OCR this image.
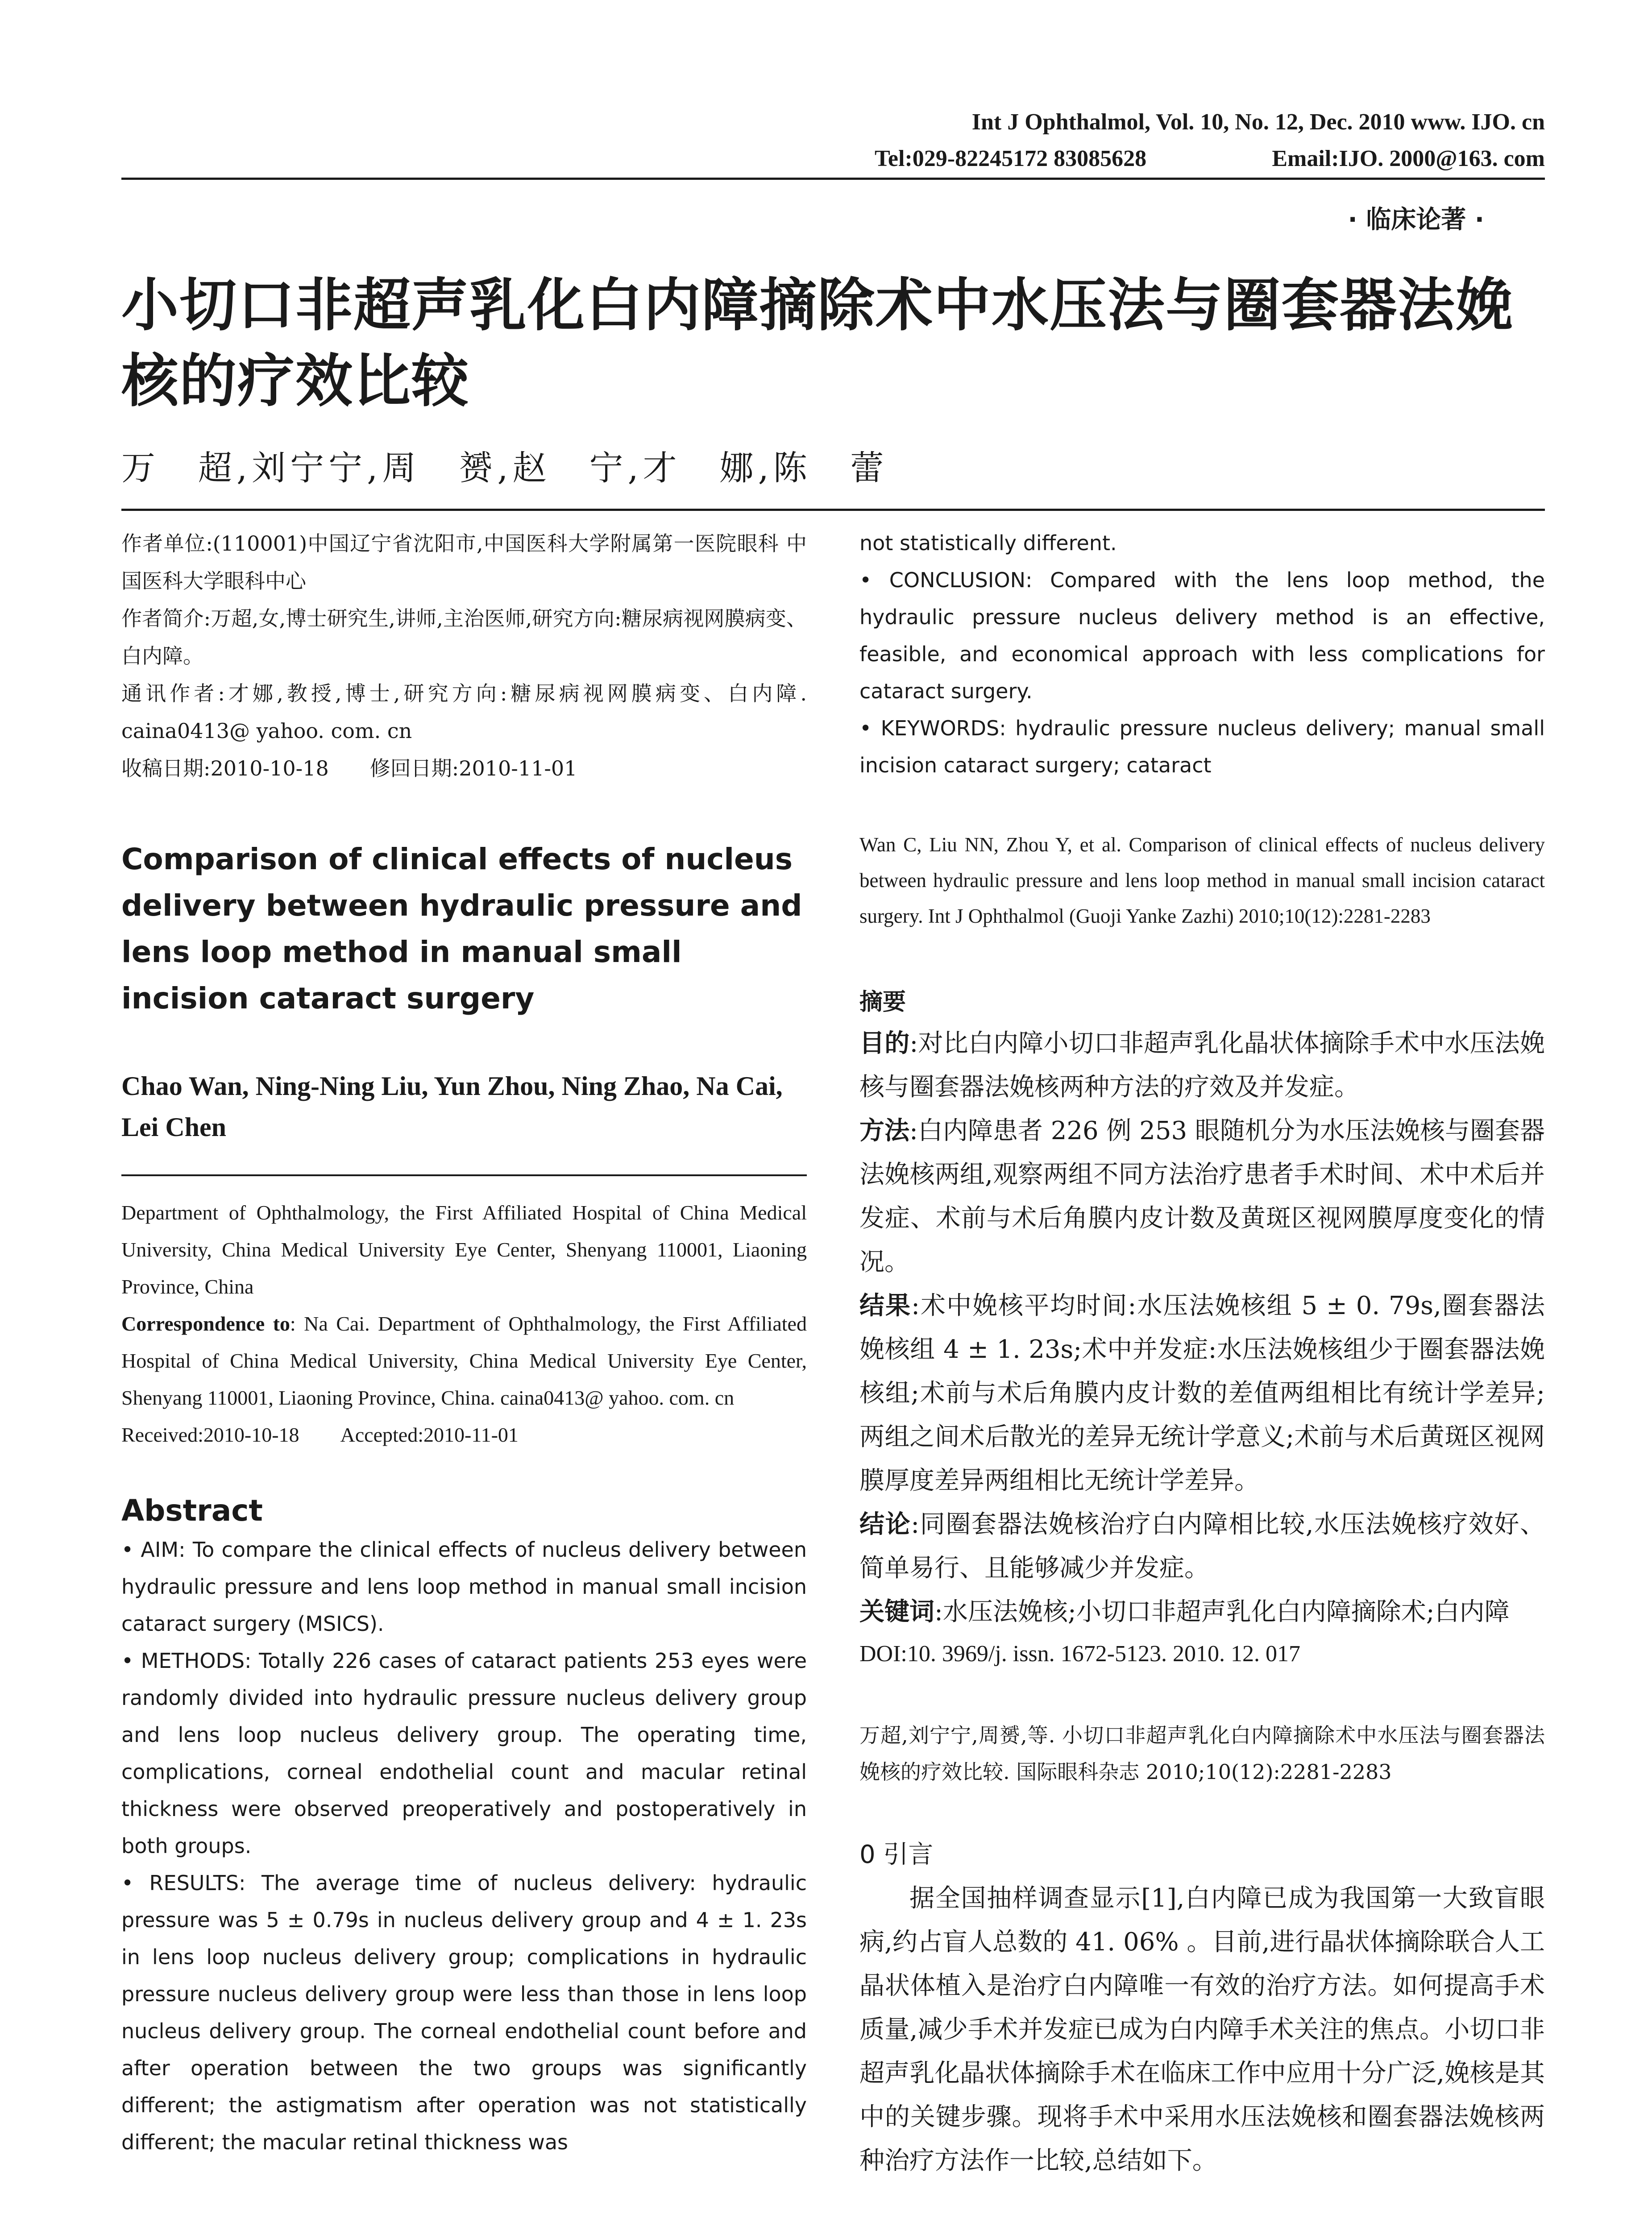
Int J Ophthalmol, Vol. 10, No. 12, Dec. 2010 www. IJO. cn
Tel:029-82245172 83085628	Email:IJO. 2000@163. com
· 临床论著 ·
小切口非超声乳化白内障摘除术中水压法与圈套器法娩核的疗效比较
万　超,刘宁宁,周　赟,赵　宁,才　娜,陈　蕾

作者单位:(110001)中国辽宁省沈阳市,中国医科大学附属第一医院眼科 中国医科大学眼科中心

作者简介:万超,女,博士研究生,讲师,主治医师,研究方向:糖尿病视网膜病变、白内障。

通讯作者:才娜,教授,博士,研究方向:糖尿病视网膜病变、白内障. caina0413@ yahoo. com. cn

收稿日期:2010-10-18　　修回日期:2010-11-01

Comparison of clinical effects of nucleus delivery between hydraulic pressure and lens loop method in manual small incision cataract surgery
Chao Wan, Ning-Ning Liu, Yun Zhou, Ning Zhao, Na Cai, Lei Chen

Department of Ophthalmology, the First Affiliated Hospital of China Medical University, China Medical University Eye Center, Shenyang 110001, Liaoning Province, China

Correspondence to: Na Cai. Department of Ophthalmology, the First Affiliated Hospital of China Medical University, China Medical University Eye Center, Shenyang 110001, Liaoning Province, China. caina0413@ yahoo. com. cn

Received:2010-10-18　　Accepted:2010-11-01

Abstract

• AIM: To compare the clinical effects of nucleus delivery between hydraulic pressure and lens loop method in manual small incision cataract surgery (MSICS).

• METHODS: Totally 226 cases of cataract patients 253 eyes were randomly divided into hydraulic pressure nucleus delivery group and lens loop nucleus delivery group. The operating time, complications, corneal endothelial count and macular retinal thickness were observed preoperatively and postoperatively in both groups.

• RESULTS: The average time of nucleus delivery: hydraulic pressure was 5 ± 0.79s in nucleus delivery group and 4 ± 1. 23s in lens loop nucleus delivery group; complications in hydraulic pressure nucleus delivery group were less than those in lens loop nucleus delivery group. The corneal endothelial count before and after operation between the two groups was significantly different; the astigmatism after operation was not statistically different; the macular retinal thickness was

not statistically different.

• CONCLUSION: Compared with the lens loop method, the hydraulic pressure nucleus delivery method is an effective, feasible, and economical approach with less complications for cataract surgery.

• KEYWORDS: hydraulic pressure nucleus delivery; manual small incision cataract surgery; cataract

Wan C, Liu NN, Zhou Y, et al. Comparison of clinical effects of nucleus delivery between hydraulic pressure and lens loop method in manual small incision cataract surgery. Int J Ophthalmol (Guoji Yanke Zazhi) 2010;10(12):2281-2283
摘要

目的:对比白内障小切口非超声乳化晶状体摘除手术中水压法娩核与圈套器法娩核两种方法的疗效及并发症。

方法:白内障患者 226 例 253 眼随机分为水压法娩核与圈套器法娩核两组,观察两组不同方法治疗患者手术时间、术中术后并发症、术前与术后角膜内皮计数及黄斑区视网膜厚度变化的情况。

结果:术中娩核平均时间:水压法娩核组 5 ± 0. 79s,圈套器法娩核组 4 ± 1. 23s;术中并发症:水压法娩核组少于圈套器法娩核组;术前与术后角膜内皮计数的差值两组相比有统计学差异;两组之间术后散光的差异无统计学意义;术前与术后黄斑区视网膜厚度差异两组相比无统计学差异。

结论:同圈套器法娩核治疗白内障相比较,水压法娩核疗效好、简单易行、且能够减少并发症。

关键词:水压法娩核;小切口非超声乳化白内障摘除术;白内障

DOI:10. 3969/j. issn. 1672-5123. 2010. 12. 017
万超,刘宁宁,周赟,等. 小切口非超声乳化白内障摘除术中水压法与圈套器法娩核的疗效比较. 国际眼科杂志 2010;10(12):2281-2283
0 引言
据全国抽样调查显示[1],白内障已成为我国第一大致盲眼病,约占盲人总数的 41. 06% 。目前,进行晶状体摘除联合人工晶状体植入是治疗白内障唯一有效的治疗方法。如何提高手术质量,减少手术并发症已成为白内障手术关注的焦点。小切口非超声乳化晶状体摘除手术在临床工作中应用十分广泛,娩核是其中的关键步骤。现将手术中采用水压法娩核和圈套器法娩核两种治疗方法作一比较,总结如下。
